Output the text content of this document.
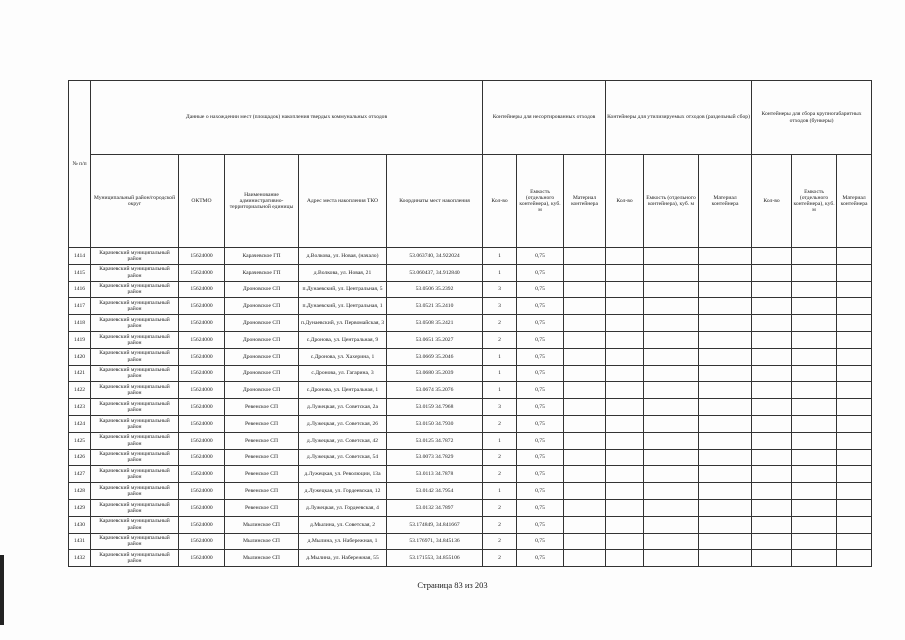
№ п/п	Данные о нахождении мест (площадок) накопления твердых коммунальных отходов					Контейнеры для несортированных отходов			Контейнеры для утилизируемых отходов (раздельный сбор)			Контейнеры для сбора крупногабаритных отходов (бункеры)		
	Муниципальный район/городской округ	ОКТМО	Наименование административно-территориальной единицы	Адрес места накопления ТКО	Координаты мест накопления	Кол-во	Емкость (отдельного контейнера), куб. м	Материал контейнера	Кол-во	Емкость (отдельного контейнера), куб. м	Материал контейнера	Кол-во	Емкость (отдельного контейнера), куб. м	Материал контейнера
1414	Карачевский муниципальный район	15624000	Карачевское ГП	д.Волкова, ул. Новая, (начало)	53.063740, 34.922024	1	0,75							
1415	Карачевский муниципальный район	15624000	Карачевское ГП	д.Волкова, ул. Новая, 21	53.060437, 34.912840	1	0,75							
1416	Карачевский муниципальный район	15624000	Дроновское СП	п.Дунаевский, ул. Центральная, 5	53.0506 35.2392	3	0,75							
1417	Карачевский муниципальный район	15624000	Дроновское СП	п.Дунаевский, ул. Центральная, 1	53.0521 35.2410	3	0,75							
1418	Карачевский муниципальный район	15624000	Дроновское СП	п.Дунаевский, ул. Первомайская, 3	53.0508 35.2421	2	0,75							
1419	Карачевский муниципальный район	15624000	Дроновское СП	с.Дронова, ул. Центральная, 9	53.0651 35.2027	2	0,75							
1420	Карачевский муниципальный район	15624000	Дроновское СП	с.Дронова, ул. Хахерина, 1	53.0669 35.2046	1	0,75							
1421	Карачевский муниципальный район	15624000	Дроновское СП	с.Дронова, ул. Гагарина, 3	53.0680 35.2039	1	0,75							
1422	Карачевский муниципальный район	15624000	Дроновское СП	с.Дронова, ул. Центральная, 1	53.0674 35.2076	1	0,75							
1423	Карачевский муниципальный район	15624000	Ревенское СП	д.Лужецкая, ул. Советская, 2а	53.0159 34.7968	3	0,75							
1424	Карачевский муниципальный район	15624000	Ревенское СП	д.Лужецкая, ул. Советская, 26	53.0150 34.7930	2	0,75							
1425	Карачевский муниципальный район	15624000	Ревенское СП	д.Лужецкая, ул. Советская, 42	53.0125 34.7872	1	0,75							
1426	Карачевский муниципальный район	15624000	Ревенское СП	д.Лужецкая, ул. Советская, 54	53.0073 34.7829	2	0,75							
1427	Карачевский муниципальный район	15624000	Ревенское СП	д.Лужецкая, ул. Революции, 13а	53.0113 34.7878	2	0,75							
1428	Карачевский муниципальный район	15624000	Ревенское СП	д.Лужецкая, ул. Гордеевская, 12	53.0142 34.7954	1	0,75							
1429	Карачевский муниципальный район	15624000	Ревенское СП	д.Лужецкая, ул. Гордеевская, 4	53.0132 34.7897	2	0,75							
1430	Карачевский муниципальный район	15624000	Мылинское СП	д.Мылина, ул. Советская, 2	53.174849, 34.841667	2	0,75							
1431	Карачевский муниципальный район	15624000	Мылинское СП	д.Мылина, ул. Набережная, 1	53.176971, 34.845136	2	0,75							
1432	Карачевский муниципальный район	15624000	Мылинское СП	д.Мылина, ул. Набережная, 55	53.171553, 34.855106	2	0,75							
Страница 83 из 203
